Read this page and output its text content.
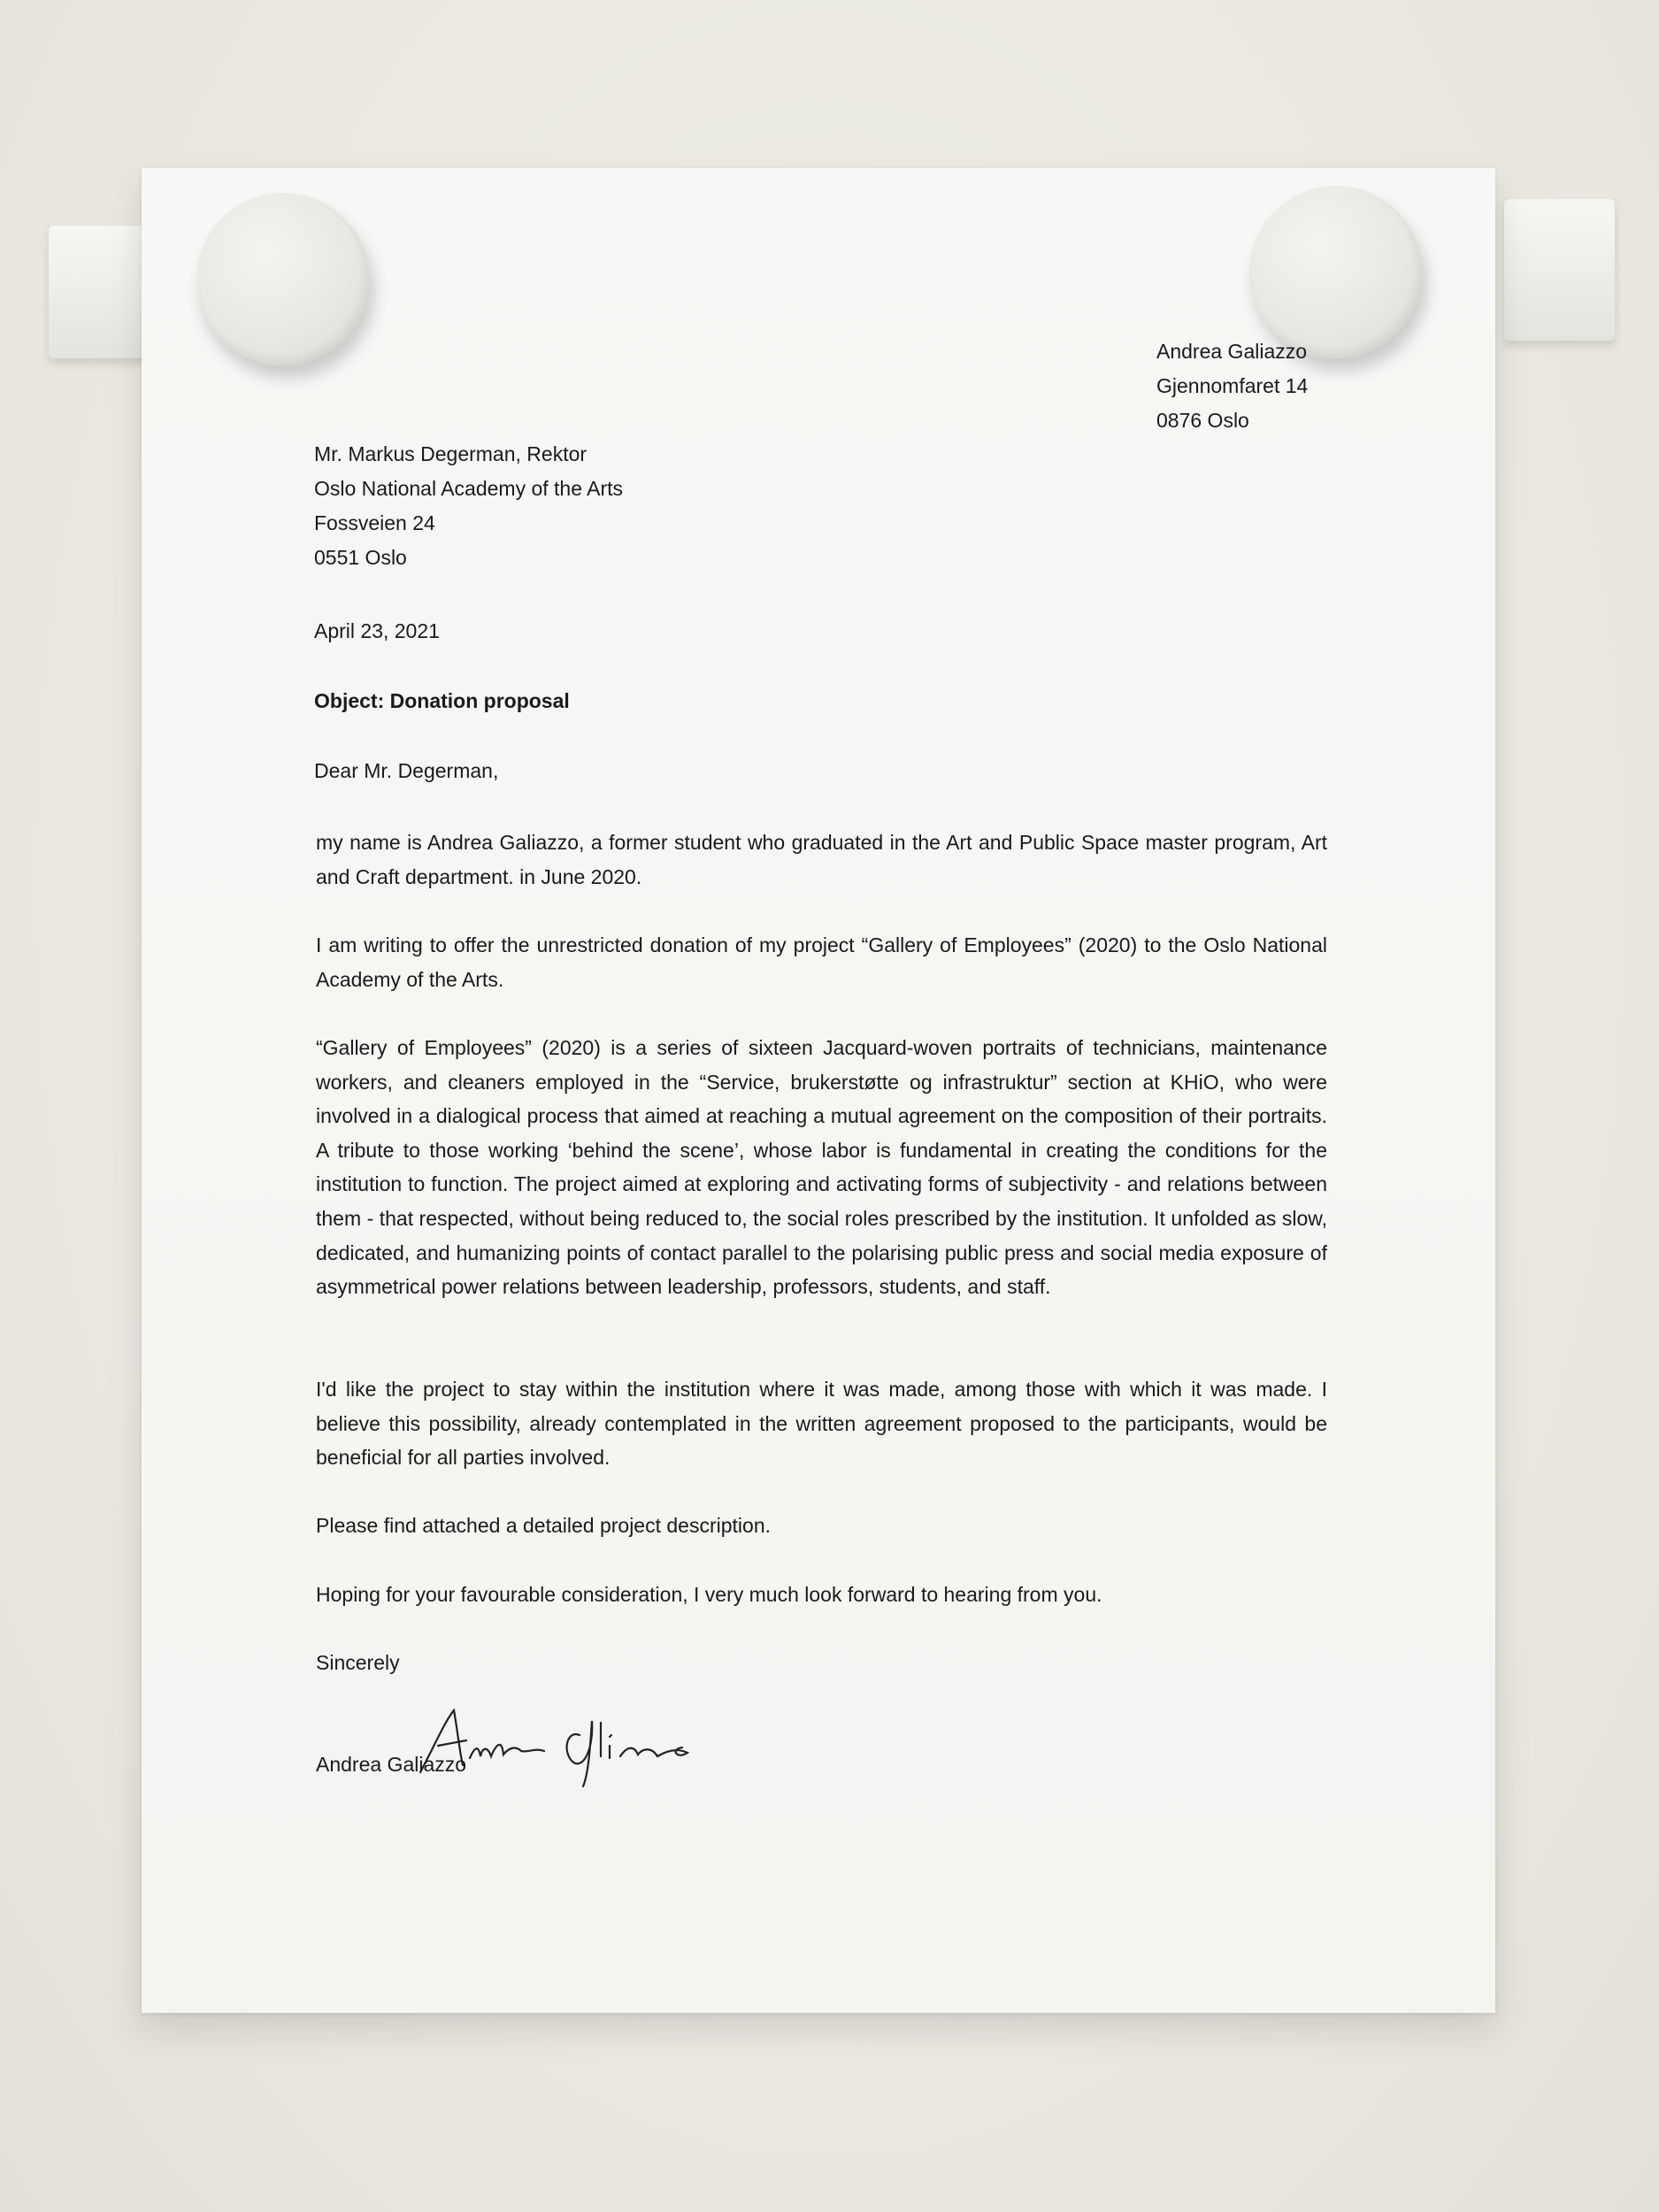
Andrea Galiazzo
Gjennomfaret 14
0876 Oslo
Mr. Markus Degerman, Rektor
Oslo National Academy of the Arts
Fossveien 24
0551 Oslo
April 23, 2021
Object: Donation proposal
Dear Mr. Degerman,

my name is Andrea Galiazzo, a former student who graduated in the Art and Public Space master program, Art and Craft department. in June 2020.

I am writing to offer the unrestricted donation of my project “Gallery of Employees” (2020) to the Oslo National Academy of the Arts.

“Gallery of Employees” (2020) is a series of sixteen Jacquard-woven portraits of technicians, maintenance workers, and cleaners employed in the “Service, brukerstøtte og infrastruktur” section at KHiO, who were involved in a dialogical process that aimed at reaching a mutual agreement on the composition of their portraits. A tribute to those working ‘behind the scene’, whose labor is fundamental in creating the conditions for the institution to function. The project aimed at exploring and activating forms of subjectivity - and relations between them - that respected, without being reduced to, the social roles prescribed by the institution. It unfolded as slow, dedicated, and humanizing points of contact parallel to the polarising public press and social media exposure of asymmetrical power relations between leadership, professors, students, and staff.

I'd like the project to stay within the institution where it was made, among those with which it was made. I believe this possibility, already contemplated in the written agreement proposed to the participants, would be beneficial for all parties involved.

Please find attached a detailed project description.

Hoping for your favourable consideration, I very much look forward to hearing from you.

Sincerely
Andrea Galiazzo
